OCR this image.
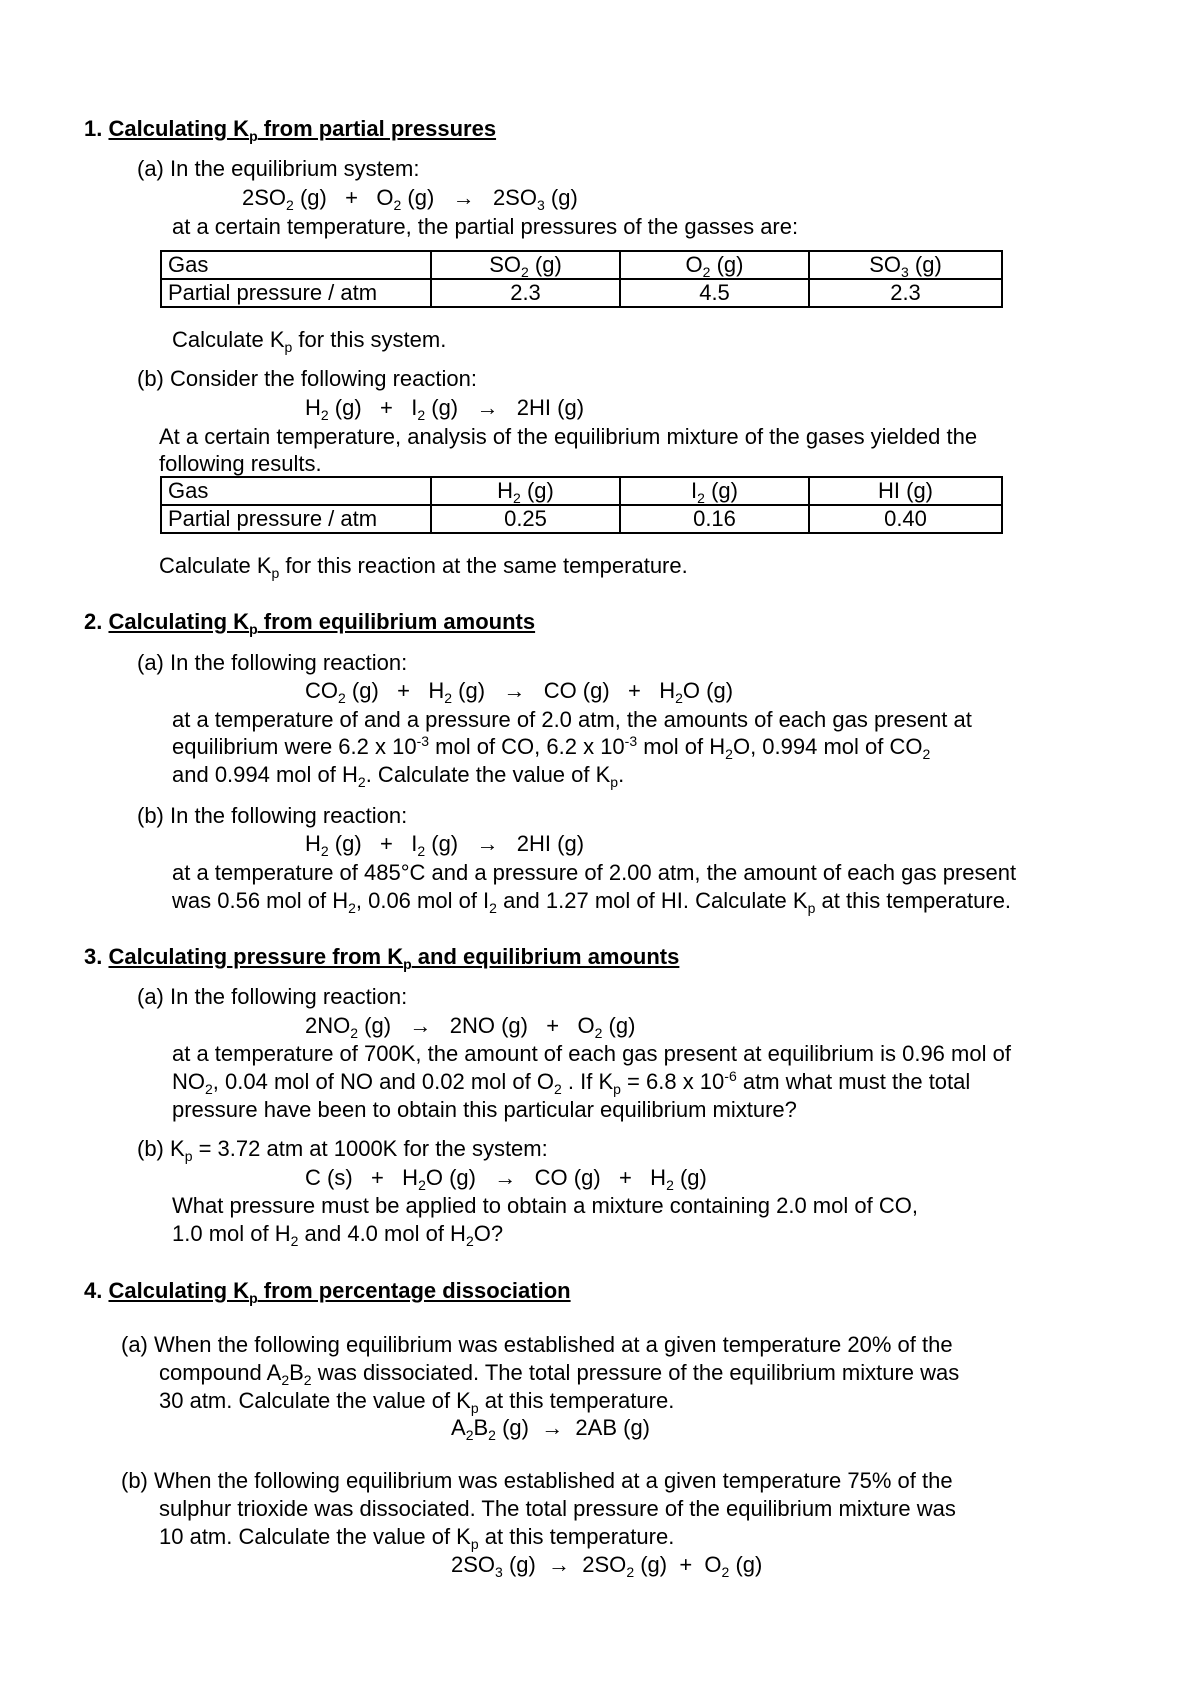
1. Calculating $K_p$ from partial pressures
(a) In the equilibrium system:
$2SO_2$ $(g) + O_2$ $(g) \to 2SO_3$ (g)
at a certain temperature, the partial pressures of the gasses are:
Gas	$SO_2$ (g)	$O_2$ (g)	$SO_3$ (g)
Partial pressure / atm	2.3	4.5	2.3
Calculate $K_p$ for this system.
(b) Consider the following reaction:
$H_2$ $(g) + I_2$ (g)   →   2HI (g)
At a certain temperature, analysis of the equilibrium mixture of the gases yielded the
following results.
Gas	$H_2$ (g)	$I_2$ (g)	HI (g)
Partial pressure / atm	0.25	0.16	0.40
Calculate $K_p$ for this reaction at the same temperature.
2. Calculating $K_p$ from equilibrium amounts
(a) In the following reaction:
$CO_2$ $(g) + H_2$ (g)   →   CO $(g) + H_2O$ (g)
at a temperature of and a pressure of 2.0 atm, the amounts of each gas present at
equilibrium were 6.2 x $10^{-3}$ mol of CO, 6.2 x $10^{-3}$ mol of $H_2O$, 0.994 mol of $CO_2$
and 0.994 mol of $H_2$. Calculate the value of $K_p$.
(b) In the following reaction:
$H_2$ $(g) + I_2$ (g)   →   2HI (g)
at a temperature of 485°C and a pressure of 2.00 atm, the amount of each gas present
was 0.56 mol of $H_2$, 0.06 mol of $I_2$ and 1.27 mol of HI. Calculate $K_p$ at this temperature.
3. Calculating pressure from $K_p$ and equilibrium amounts
(a) In the following reaction:
$2NO_2$ (g)   →   2NO $(g) + O_2$ (g)
at a temperature of 700K, the amount of each gas present at equilibrium is 0.96 mol of
$NO_2$, 0.04 mol of NO and 0.02 mol of $O_2$ . If $K_p = 6.8$ x $10^{-6}$ atm what must the total
pressure have been to obtain this particular equilibrium mixture?
(b) $K_p = 3.72$ atm at 1000K for the system:
C $(s) + H_2O$ (g)   →   CO $(g) + H_2$ (g)
What pressure must be applied to obtain a mixture containing 2.0 mol of CO,
1.0 mol of $H_2$ and 4.0 mol of $H_2O$?
4. Calculating $K_p$ from percentage dissociation
(a) When the following equilibrium was established at a given temperature 20% of the
compound $A_2B_2$ was dissociated. The total pressure of the equilibrium mixture was
30 atm. Calculate the value of $K_p$ at this temperature.
$A_2B_2$ (g)  →  2AB (g)
(b) When the following equilibrium was established at a given temperature 75% of the
sulphur trioxide was dissociated. The total pressure of the equilibrium mixture was
10 atm. Calculate the value of $K_p$ at this temperature.
$2SO_3$ $(g) \to 2SO_2$ $(g) + O_2$ (g)
